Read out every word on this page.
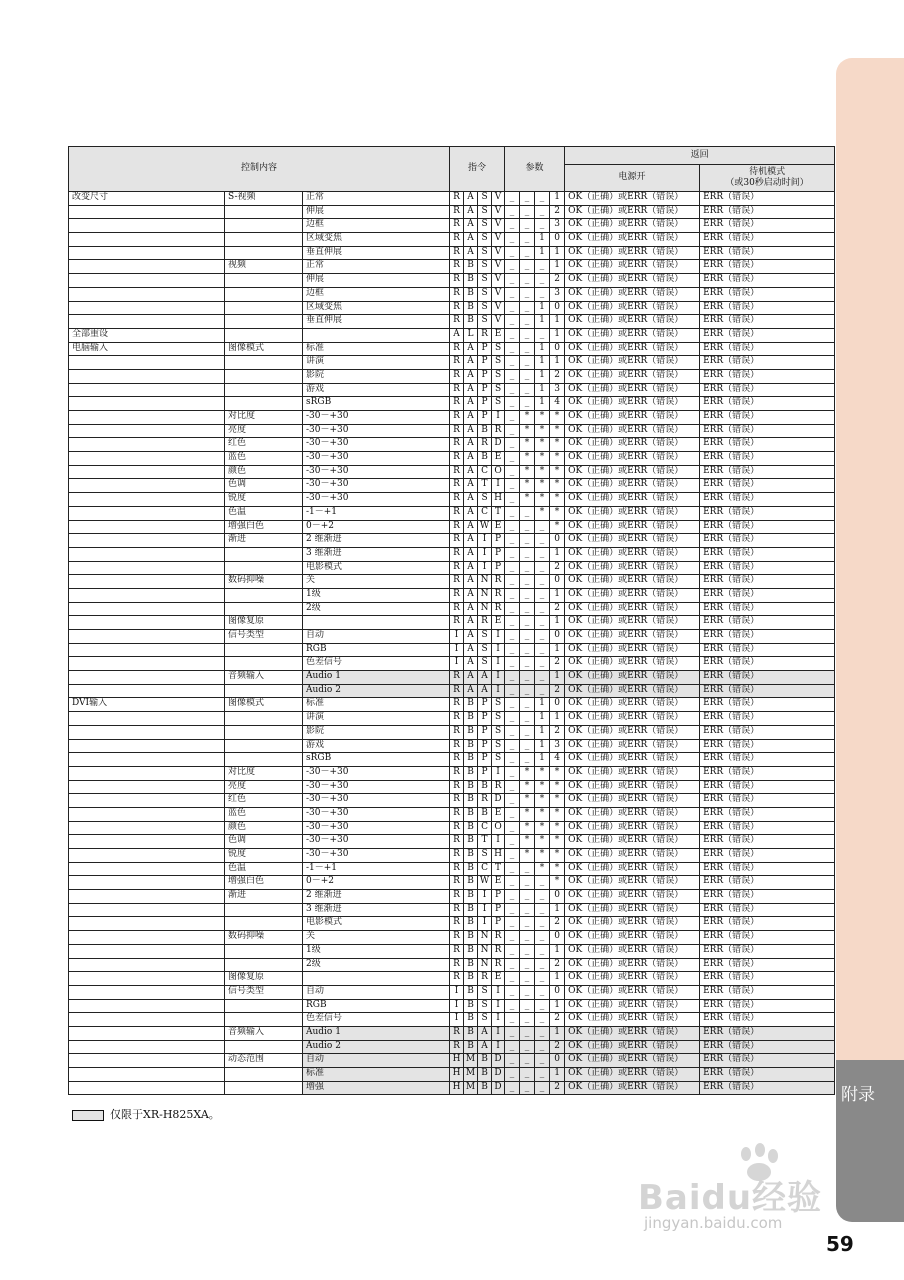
附录
控制内容			指令				参数				返回	
											电源开	待机模式
（或30秒启动时间）

改变尺寸	S-视频	正常	R	A	S	V	_	_	_	1	OK（正确）或ERR（错误）	ERR（错误）
		伸展	R	A	S	V	_	_	_	2	OK（正确）或ERR（错误）	ERR（错误）
		边框	R	A	S	V	_	_	_	3	OK（正确）或ERR（错误）	ERR（错误）
		区域变焦	R	A	S	V	_	_	1	0	OK（正确）或ERR（错误）	ERR（错误）
		垂直伸展	R	A	S	V	_	_	1	1	OK（正确）或ERR（错误）	ERR（错误）
	视频	正常	R	B	S	V	_	_	_	1	OK（正确）或ERR（错误）	ERR（错误）
		伸展	R	B	S	V	_	_	_	2	OK（正确）或ERR（错误）	ERR（错误）
		边框	R	B	S	V	_	_	_	3	OK（正确）或ERR（错误）	ERR（错误）
		区域变焦	R	B	S	V	_	_	1	0	OK（正确）或ERR（错误）	ERR（错误）
		垂直伸展	R	B	S	V	_	_	1	1	OK（正确）或ERR（错误）	ERR（错误）
全部重设			A	L	R	E	_	_	_	1	OK（正确）或ERR（错误）	ERR（错误）
电脑输入	图像模式	标准	R	A	P	S	_	_	1	0	OK（正确）或ERR（错误）	ERR（错误）
		讲演	R	A	P	S	_	_	1	1	OK（正确）或ERR（错误）	ERR（错误）
		影院	R	A	P	S	_	_	1	2	OK（正确）或ERR（错误）	ERR（错误）
		游戏	R	A	P	S	_	_	1	3	OK（正确）或ERR（错误）	ERR（错误）
		sRGB	R	A	P	S	_	_	1	4	OK（正确）或ERR（错误）	ERR（错误）
	对比度	-30－+30	R	A	P	I	_	*	*	*	OK（正确）或ERR（错误）	ERR（错误）
	亮度	-30－+30	R	A	B	R	_	*	*	*	OK（正确）或ERR（错误）	ERR（错误）
	红色	-30－+30	R	A	R	D	_	*	*	*	OK（正确）或ERR（错误）	ERR（错误）
	蓝色	-30－+30	R	A	B	E	_	*	*	*	OK（正确）或ERR（错误）	ERR（错误）
	颜色	-30－+30	R	A	C	O	_	*	*	*	OK（正确）或ERR（错误）	ERR（错误）
	色调	-30－+30	R	A	T	I	_	*	*	*	OK（正确）或ERR（错误）	ERR（错误）
	锐度	-30－+30	R	A	S	H	_	*	*	*	OK（正确）或ERR（错误）	ERR（错误）
	色温	-1－+1	R	A	C	T	_	_	*	*	OK（正确）或ERR（错误）	ERR（错误）
	增强白色	0－+2	R	A	W	E	_	_	_	*	OK（正确）或ERR（错误）	ERR（错误）
	渐进	2 维渐进	R	A	I	P	_	_	_	0	OK（正确）或ERR（错误）	ERR（错误）
		3 维渐进	R	A	I	P	_	_	_	1	OK（正确）或ERR（错误）	ERR（错误）
		电影模式	R	A	I	P	_	_	_	2	OK（正确）或ERR（错误）	ERR（错误）
	数码抑噪	关	R	A	N	R	_	_	_	0	OK（正确）或ERR（错误）	ERR（错误）
		1级	R	A	N	R	_	_	_	1	OK（正确）或ERR（错误）	ERR（错误）
		2级	R	A	N	R	_	_	_	2	OK（正确）或ERR（错误）	ERR（错误）
	图像复原		R	A	R	E	_	_	_	1	OK（正确）或ERR（错误）	ERR（错误）
	信号类型	自动	I	A	S	I	_	_	_	0	OK（正确）或ERR（错误）	ERR（错误）
		RGB	I	A	S	I	_	_	_	1	OK（正确）或ERR（错误）	ERR（错误）
		色差信号	I	A	S	I	_	_	_	2	OK（正确）或ERR（错误）	ERR（错误）
	音频输入	Audio 1	R	A	A	I	_	_	_	1	OK（正确）或ERR（错误）	ERR（错误）
		Audio 2	R	A	A	I	_	_	_	2	OK（正确）或ERR（错误）	ERR（错误）
DVI输入	图像模式	标准	R	B	P	S	_	_	1	0	OK（正确）或ERR（错误）	ERR（错误）
		讲演	R	B	P	S	_	_	1	1	OK（正确）或ERR（错误）	ERR（错误）
		影院	R	B	P	S	_	_	1	2	OK（正确）或ERR（错误）	ERR（错误）
		游戏	R	B	P	S	_	_	1	3	OK（正确）或ERR（错误）	ERR（错误）
		sRGB	R	B	P	S	_	_	1	4	OK（正确）或ERR（错误）	ERR（错误）
	对比度	-30－+30	R	B	P	I	_	*	*	*	OK（正确）或ERR（错误）	ERR（错误）
	亮度	-30－+30	R	B	B	R	_	*	*	*	OK（正确）或ERR（错误）	ERR（错误）
	红色	-30－+30	R	B	R	D	_	*	*	*	OK（正确）或ERR（错误）	ERR（错误）
	蓝色	-30－+30	R	B	B	E	_	*	*	*	OK（正确）或ERR（错误）	ERR（错误）
	颜色	-30－+30	R	B	C	O	_	*	*	*	OK（正确）或ERR（错误）	ERR（错误）
	色调	-30－+30	R	B	T	I	_	*	*	*	OK（正确）或ERR（错误）	ERR（错误）
	锐度	-30－+30	R	B	S	H	_	*	*	*	OK（正确）或ERR（错误）	ERR（错误）
	色温	-1－+1	R	B	C	T	_	_	*	*	OK（正确）或ERR（错误）	ERR（错误）
	增强白色	0－+2	R	B	W	E	_	_	_	*	OK（正确）或ERR（错误）	ERR（错误）
	渐进	2 维渐进	R	B	I	P	_	_	_	0	OK（正确）或ERR（错误）	ERR（错误）
		3 维渐进	R	B	I	P	_	_	_	1	OK（正确）或ERR（错误）	ERR（错误）
		电影模式	R	B	I	P	_	_	_	2	OK（正确）或ERR（错误）	ERR（错误）
	数码抑噪	关	R	B	N	R	_	_	_	0	OK（正确）或ERR（错误）	ERR（错误）
		1级	R	B	N	R	_	_	_	1	OK（正确）或ERR（错误）	ERR（错误）
		2级	R	B	N	R	_	_	_	2	OK（正确）或ERR（错误）	ERR（错误）
	图像复原		R	B	R	E	_	_	_	1	OK（正确）或ERR（错误）	ERR（错误）
	信号类型	自动	I	B	S	I	_	_	_	0	OK（正确）或ERR（错误）	ERR（错误）
		RGB	I	B	S	I	_	_	_	1	OK（正确）或ERR（错误）	ERR（错误）
		色差信号	I	B	S	I	_	_	_	2	OK（正确）或ERR（错误）	ERR（错误）
	音频输入	Audio 1	R	B	A	I	_	_	_	1	OK（正确）或ERR（错误）	ERR（错误）
		Audio 2	R	B	A	I	_	_	_	2	OK（正确）或ERR（错误）	ERR（错误）
	动态范围	自动	H	M	B	D	_	_	_	0	OK（正确）或ERR（错误）	ERR（错误）
		标准	H	M	B	D	_	_	_	1	OK（正确）或ERR（错误）	ERR（错误）
		增强	H	M	B	D	_	_	_	2	OK（正确）或ERR（错误）	ERR（错误）
仅限于XR-H825XA。
Baidu经验
jingyan.baidu.com
59
